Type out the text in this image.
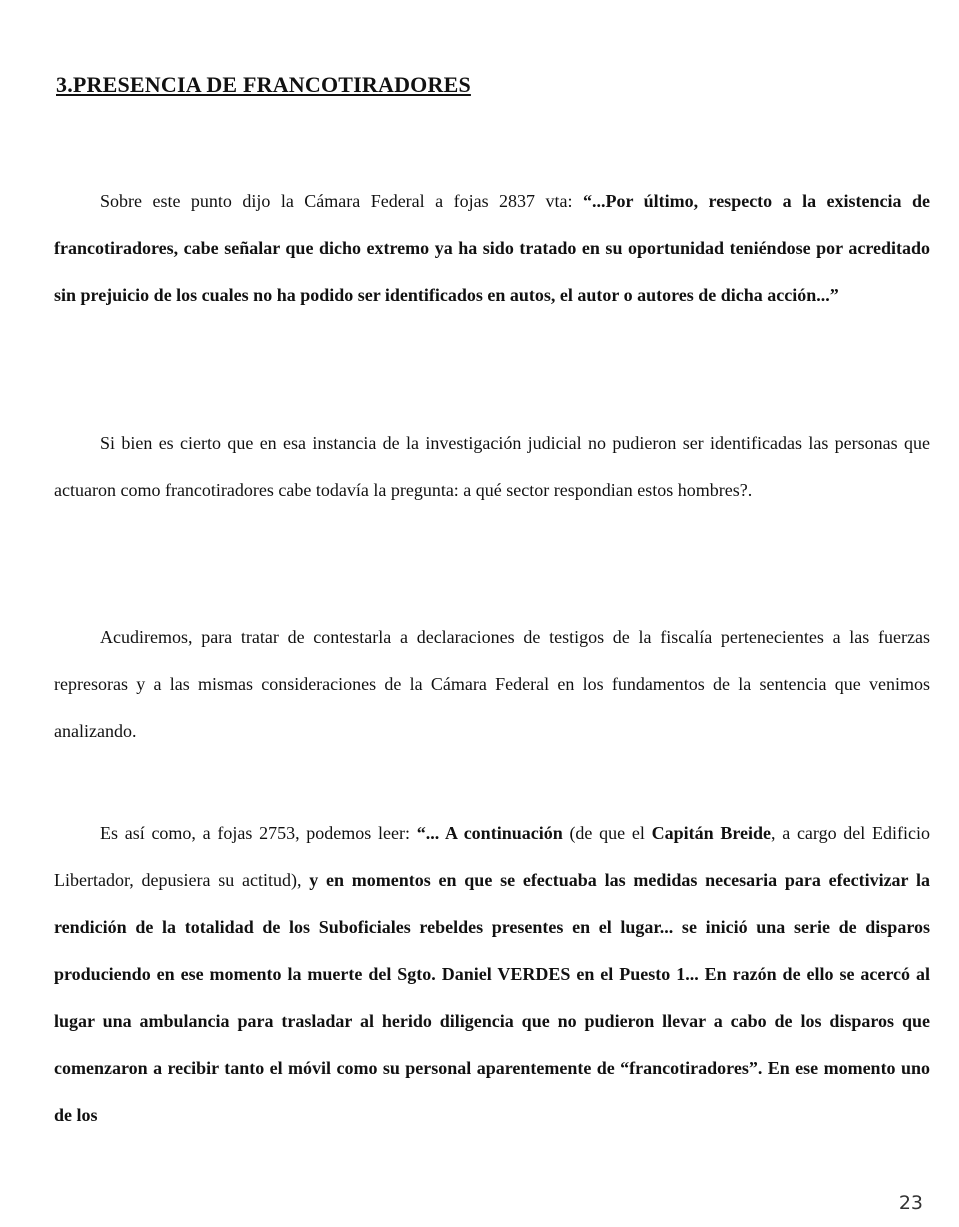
3.PRESENCIA DE FRANCOTIRADORES

Sobre este punto dijo la Cámara Federal a fojas 2837 vta: “...Por último, respecto a la existencia de francotiradores, cabe señalar que dicho extremo ya ha sido tratado en su oportunidad teniéndose por acreditado sin prejuicio de los cuales no ha podido ser identificados en autos, el autor o autores de dicha acción...”

Si bien es cierto que en esa instancia de la investigación judicial no pudieron ser identificadas las personas que actuaron como francotiradores cabe todavía la pregunta: a qué sector respondian estos hombres?.

Acudiremos, para tratar de contestarla a declaraciones de testigos de la fiscalía pertenecientes a las fuerzas represoras y a las mismas consideraciones de la Cámara Federal en los fundamentos de la sentencia que venimos analizando.

Es así como, a fojas 2753, podemos leer: “... A continuación (de que el Capitán Breide, a cargo del Edificio Libertador, depusiera su actitud), y en momentos en que se efectuaba las medidas necesaria para efectivizar la rendición de la totalidad de los Suboficiales rebeldes presentes en el lugar... se inició una serie de disparos produciendo en ese momento la muerte del Sgto. Daniel VERDES en el Puesto 1... En razón de ello se acercó al lugar una ambulancia para trasladar al herido diligencia que no pudieron llevar a cabo de los disparos que comenzaron a recibir tanto el móvil como su personal aparentemente de “francotiradores”. En ese momento uno de los

23
